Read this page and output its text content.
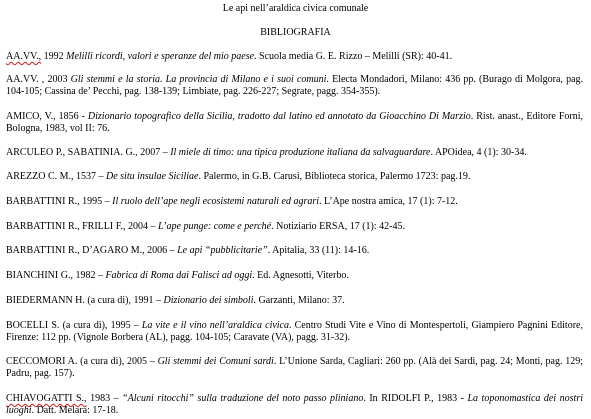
Le api nell’araldica civica comunale
BIBLIOGRAFIA
AA.VV., 1992 Melilli ricordi, valori e speranze del mio paese. Scuola media G. E. Rizzo – Melilli (SR): 40-41.
AA.VV. , 2003 Gli stemmi e la storia. La provincia di Milano e i suoi comuni. Electa Mondadori, Milano: 436 pp. (Burago di Molgora, pag. 104-105; Cassina de’ Pecchi, pag. 138-139; Limbiate, pag. 226-227; Segrate, pagg. 354-355).
AMICO, V., 1856 - Dizionario topografico della Sicilia, tradotto dal latino ed annotato da Gioacchino Di Marzio. Rist. anast., Editore Forni, Bologna, 1983, vol II: 76.
ARCULEO P., SABATINIA. G., 2007 – Il miele di timo: una tipica produzione italiana da salvaguardare. APOidea, 4 (1): 30-34.
AREZZO C. M., 1537 – De situ insulae Siciliae. Palermo, in G.B. Carusi, Biblioteca storica, Palermo 1723: pag.19.
BARBATTINI R., 1995 – Il ruolo dell’ape negli ecosistemi naturali ed agrari. L’Ape nostra amica, 17 (1): 7-12.
BARBATTINI R., FRILLI F., 2004 – L’ape punge: come e perché. Notiziario ERSA, 17 (1): 42-45.
BARBATTINI R., D’AGARO M., 2006 – Le api “pubblicitarie”. Apitalia, 33 (11): 14-16.
BIANCHINI G., 1982 – Fabrica di Roma dai Falisci ad oggi. Ed. Agnesotti, Viterbo.
BIEDERMANN H. (a cura di), 1991 – Dizionario dei simboli. Garzanti, Milano: 37.
BOCELLI S. (a cura di), 1995 – La vite e il vino nell’araldica civica. Centro Studi Vite e Vino di Montespertoli, Giampiero Pagnini Editore, Firenze: 112 pp. (Vignole Borbera (AL), pagg. 104-105; Caravate (VA), pagg. 31-32).
CECCOMORI A. (a cura di), 2005 – Gli stemmi dei Comuni sardi. L’Unione Sarda, Cagliari: 260 pp. (Alà dei Sardi, pag. 24; Monti, pag. 129; Padru, pag. 157).
CHIAVOGATTI S., 1983 – “Alcuni ritocchi” sulla traduzione del noto passo pliniano. In RIDOLFI P., 1983 - La toponomastica dei nostri luoghi. Datt. Melara: 17-18.
